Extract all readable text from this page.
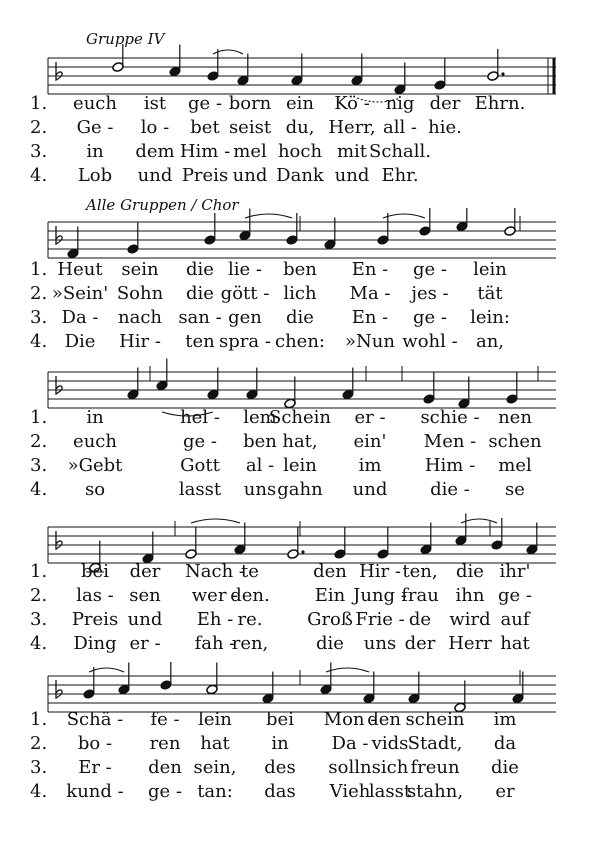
Gruppe IV
1. euch ist ge - born ein Kö - nig der Ehrn.
2. Ge - lo - bet seist du, Herr, all - hie.
3. in dem Him - mel hoch mit Schall.
4. Lob und Preis und Dank und Ehr.
Alle Gruppen / Chor
1. Heut sein die lie - ben En - ge - lein
2. »Sein' Sohn die gött - lich Ma - jes - tät
3. Da - nach san - gen die En - ge - lein:
4. Die Hir - ten spra - chen: »Nun wohl - an,
1. in	hel - lem
Schein er - schie - nen
2. euch	ge - ben hat, ein' Men - schen
3. »Gebt	Gott al - lein im Him - mel
4. so	lasst uns gahn und die - se
1. bei der Nach -
te	den Hir - ten, die ihr'
2. las - sen wer -
den.	Ein Jung -
frau ihn ge -
3. Preis und Eh - re. Groß Frie - de wird auf
4. Ding er - fah -
ren,	die uns der Herr hat
1. Schä - fe - lein bei Mon -
den -
schein im
2. bo - ren hat in Da - vids Stadt, da
3. Er - den sein, des solln sich freun die
4. kund - ge - tan: das Vieh
lasst
stahn, er
